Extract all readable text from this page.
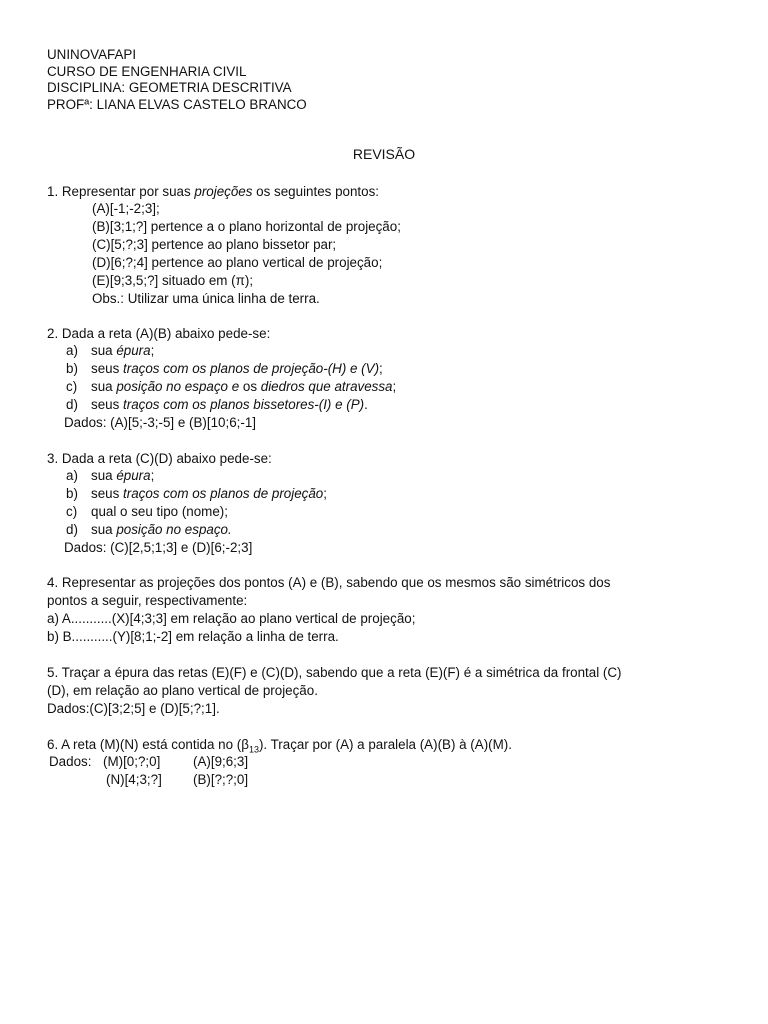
UNINOVAFAPI
CURSO DE ENGENHARIA CIVIL
DISCIPLINA: GEOMETRIA DESCRITIVA
PROFª: LIANA ELVAS CASTELO BRANCO
REVISÃO
1. Representar por suas projeções os seguintes pontos:
(A)[-1;-2;3];
(B)[3;1;?] pertence a o plano horizontal de projeção;
(C)[5;?;3] pertence ao plano bissetor par;
(D)[6;?;4] pertence ao plano vertical de projeção;
(E)[9;3,5;?] situado em (π);
Obs.: Utilizar uma única linha de terra.
2. Dada a reta (A)(B) abaixo pede-se:
a) sua épura;
b) seus traços com os planos de projeção-(H) e (V);
c) sua posição no espaço e os diedros que atravessa;
d) seus traços com os planos bissetores-(I) e (P).
Dados: (A)[5;-3;-5] e (B)[10;6;-1]
3. Dada a reta (C)(D) abaixo pede-se:
a) sua épura;
b) seus traços com os planos de projeção;
c) qual o seu tipo (nome);
d) sua posição no espaço.
Dados: (C)[2,5;1;3] e (D)[6;-2;3]
4. Representar as projeções dos pontos (A) e (B), sabendo que os mesmos são simétricos dos
pontos a seguir, respectivamente:
a) A...........(X)[4;3;3] em relação ao plano vertical de projeção;
b) B...........(Y)[8;1;-2] em relação a linha de terra.
5. Traçar a épura das retas (E)(F) e (C)(D), sabendo que a reta (E)(F) é a simétrica da frontal (C)
(D), em relação ao plano vertical de projeção.
Dados:(C)[3;2;5] e (D)[5;?;1].
6. A reta (M)(N) está contida no $(\beta_{13})$. Traçar por (A) a paralela (A)(B) à (A)(M).
Dados: (M)[0;?;0] (A)[9;6;3]
(N)[4;3;?] (B)[?;?;0]
